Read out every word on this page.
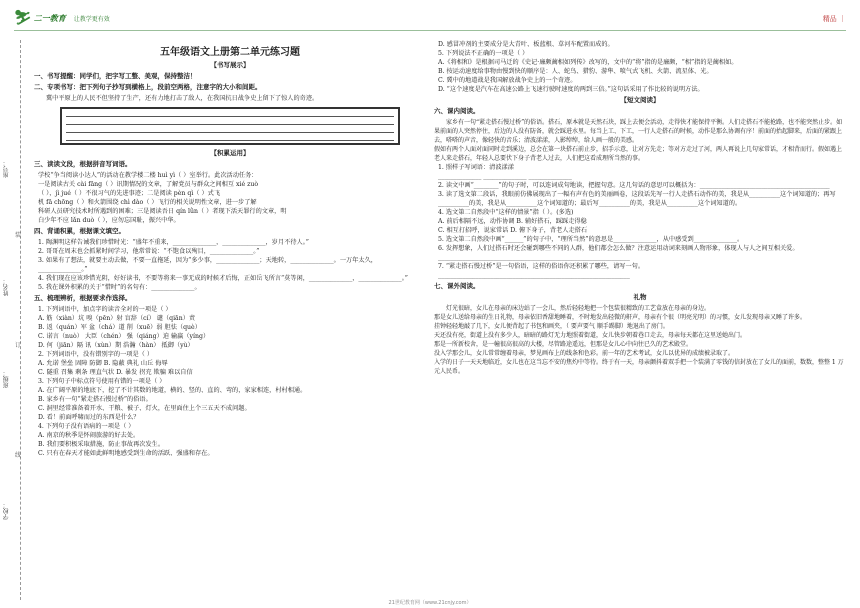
⛷ 二一教育 让教学更有效	精品 ｜
座号：
姓名：
班级：
学校：
装
订
线
五年级语文上册第二单元练习题
【书写展示】
一、书写提醒：同学们，把字写工整、美观，保持整洁！
二、专项书写：把下列句子抄写到横格上，段前空两格，注意字的大小和间距。
冀中平原上的人民不但坚持了生产，还有力地打击了敌人，在我国抗日战争史上留下了惊人的奇迹。
【积累运用】
三、读读文段，根据拼音写词语。
学校“争当阅读小达人”的活动在教学楼二楼 huì yì（ ）室举行。此次活动任务：
一是阅读古关 cài fāng（ ）讯期情况的文章，了解党员与群众之间相互 xié zuò
（ ），jì jué（ ）不很习气的先进事迹；二是阅读 pèn qì（ ）式飞
机 fā chōng（ ）和火箭围绕 chì dào（ ）飞行的相关说明性文章，进一步了解
科研人员研究技术时所遇到的困难；三是阅读吾日 qín lǜn（ ）者现下活天罪行的文章，明
白少年不应 lǎn duò（ ），应勿忘国耻，振兴中华。
四、背诵积累，根据课文填空。
1. 陶渊明这样告诫我们珍惜时光：“盛年不重来，______________，______________，岁月不待人。”
2. 哥哥在周末也会抓紧时间学习，他常常说：“不饱食以殉目，______________。”
3. 如果有了想法，就要主动去做，不要一直拖延，因为“多少事，______________；天地转，______________。一万年太久，______________。”
4. 我们现在应该珍惜光阴，好好读书，不要等将来一事无成的时候才后悔，正如岳飞所言“莫等闲，______________，______________。”
5. 我在课外积累的关于“惜时”的名句有：______________。
五、梳理辨析，根据要求作选择。
1. 下列词语中，加点字的读音全对的一项是（ ）
A. 筋（xiàn）坑 嗅（pēn）射 盲辞（cí） 谴（qiān）责
B. 返（quán）军 盆（chá）道 削（xuē）弱 胆怯（què）
C. 诺言（nuò） 大臣（chén） 强（qiáng）迫 输赢（yíng）
D. 何（jiān）隔 讯（xùn）期 浩瀚（hàn） 抵御（yù）
2. 下列词语中，没有错别字的一项是（ ）
A. 允诺 堡垒 固障 防御 B. 隐蔽 典礼 山丘 侮辱
C. 隧重 召集 剩条 理直气状 D. 暴发 拐充 欺骗 难以自信
3. 下列句子中标点符号使用有错的一项是（ ）
A. 在广阔平原的地底下，挖了不计其数的地道，横的、竖的、直的、弯的，家家相连，村村相通。
B. 家乡有一句“紧走搭石慢过桥”的俗语。
C. 洞里经常准备着开水、干粮、被子、灯火，在里面住上个三五天不成问题。
D. 看！前面呼啸而过的东西是什么？
4. 下列句子没有语病的一项是（ ）
A. 南京的秋季是怀闹旅游的好去处。
B. 我们要积极采取措施，防止事故再次发生。
C. 只有在春天才能如此鲜明地感受到生命的活跃、强盛和存在。
D. 感冒冲剂的主要成分是大青叶、板蓝根、草河车配置而成的。
5. 下列说法不正确的一项是（ ）
A.《将相和》是根据司马迁的《史记·廉颇蔺相如列传》改写的，文中的“将”指的是廉颇，“相”指的是蔺相如。
B. 按运动速度给事物由慢到快的顺序是：人、蛇鸟、猎豹、游隼、喷气式飞机、火箭、流星体、光。
C. 冀中的地道战是我国解放战争史上的一个奇迹。
D. “这个速度是汽车在高速公路上飞速行驶时速度的两到三倍。”这句话采用了作比较的说明方法。
【短文阅读】
六、课内阅读。
家乡有一句“紧走搭石慢过桥”的俗语。搭石，原本就是天然石块，踩上去便会活动，走得快才能保持平衡。人们走搭石不能抢路，也不能突然止步。如果前面的人突然停住，后边的人没有防备，就会踩进水里。每当上工、下工，一行人走搭石的时候，动作是那么协调有序！前面的抬起脚来，后面的紧跟上去，嗒嗒的声音，像轻快的音乐；清波漾漾，人影绰绰，给人画一般的美感。
假如有两个人面对面同时走到溪边，总会在第一块搭石前止步，招手示意，让对方先走；等对方走过了河，两人再说上几句家常话，才相背而行。假如遇上老人来走搭石，年轻人总要伏下身子背老人过去，人们把这看成理所当然的事。
1. 照样子写词语：清波漾漾
______________ ______________ ______________
2. 读文中画“________”的句子时，可以连词成句地读，把握句意。这几句话的意思可以概括为：__________________________________________
3. 读了选文第二段话，我眼前仿佛展现出了一幅有声有色的美丽画卷，这段话先写一行人走搭石动作的美，我是从__________这个词知道的；再写__________的美，我是从__________这个词知道的；最后写__________的美，我是从__________这个词知道的。
4. 选文第二自然段中“这样的情景”指（ ）。(多选)
A. 前后相隔不远，动作协调 B. 辅好搭石，踩踩走得稳
C. 相互打招呼，说家常话 D. 俯下身子，背老人走搭石
5. 选文第二自然段中画“______”的句子中，“理所当然”的意思是______________，从中感受到______________。
6. 发挥想象，人们过搭石时还会碰到哪些不同的人群，他们都会怎么做？注意运用动词来刻画人物形象，体现人与人之间互相关爱。
______________________________________________________________
7. “紧走搭石慢过桥”是一句俗语，这样的俗语你还积累了哪些，请写一句。
______________________________________________________________
七、课外阅读。
礼物
灯光很暗，女儿在母亲的床边站了一会儿，然后轻轻地把一个包装很精致的工艺盒放在母亲的身边。
那是女儿送给母亲的生日礼物，母亲依旧香甜地睡着，不时地发出轻微的鼾声，母亲有个很（明亮光明）的习惯，女儿发现母亲又睡了许多。
挂钟轻轻地敲了几下，女儿便背起了书包和画夹，（ 要声要气 顺手踢脚）地退出了房门。
天还没有亮，街道上没有多少人，暗暗的路灯无力地照着街道，女儿快步朝着巷口走去，母亲每天都在这里送她出门。
那是一所新校舍，是一幢很高很高的大楼，尽管路途遥远，但那是女儿心中向往已久的艺术殿堂。
没入学那会儿，女儿常常缠着母亲，梦见画布上的线条和色彩。前一年的艺术考试，女儿以优异的成绩被录取了。
入学的日子一天天地临近，女儿也在这当忘不安的焦灼中等待。终于有一天，母亲颤抖着双手把一个装满了零钱的信封放在了女儿的面前，数数，整整 1 万元人民币。
21世纪教育网（www.21cnjy.com）
